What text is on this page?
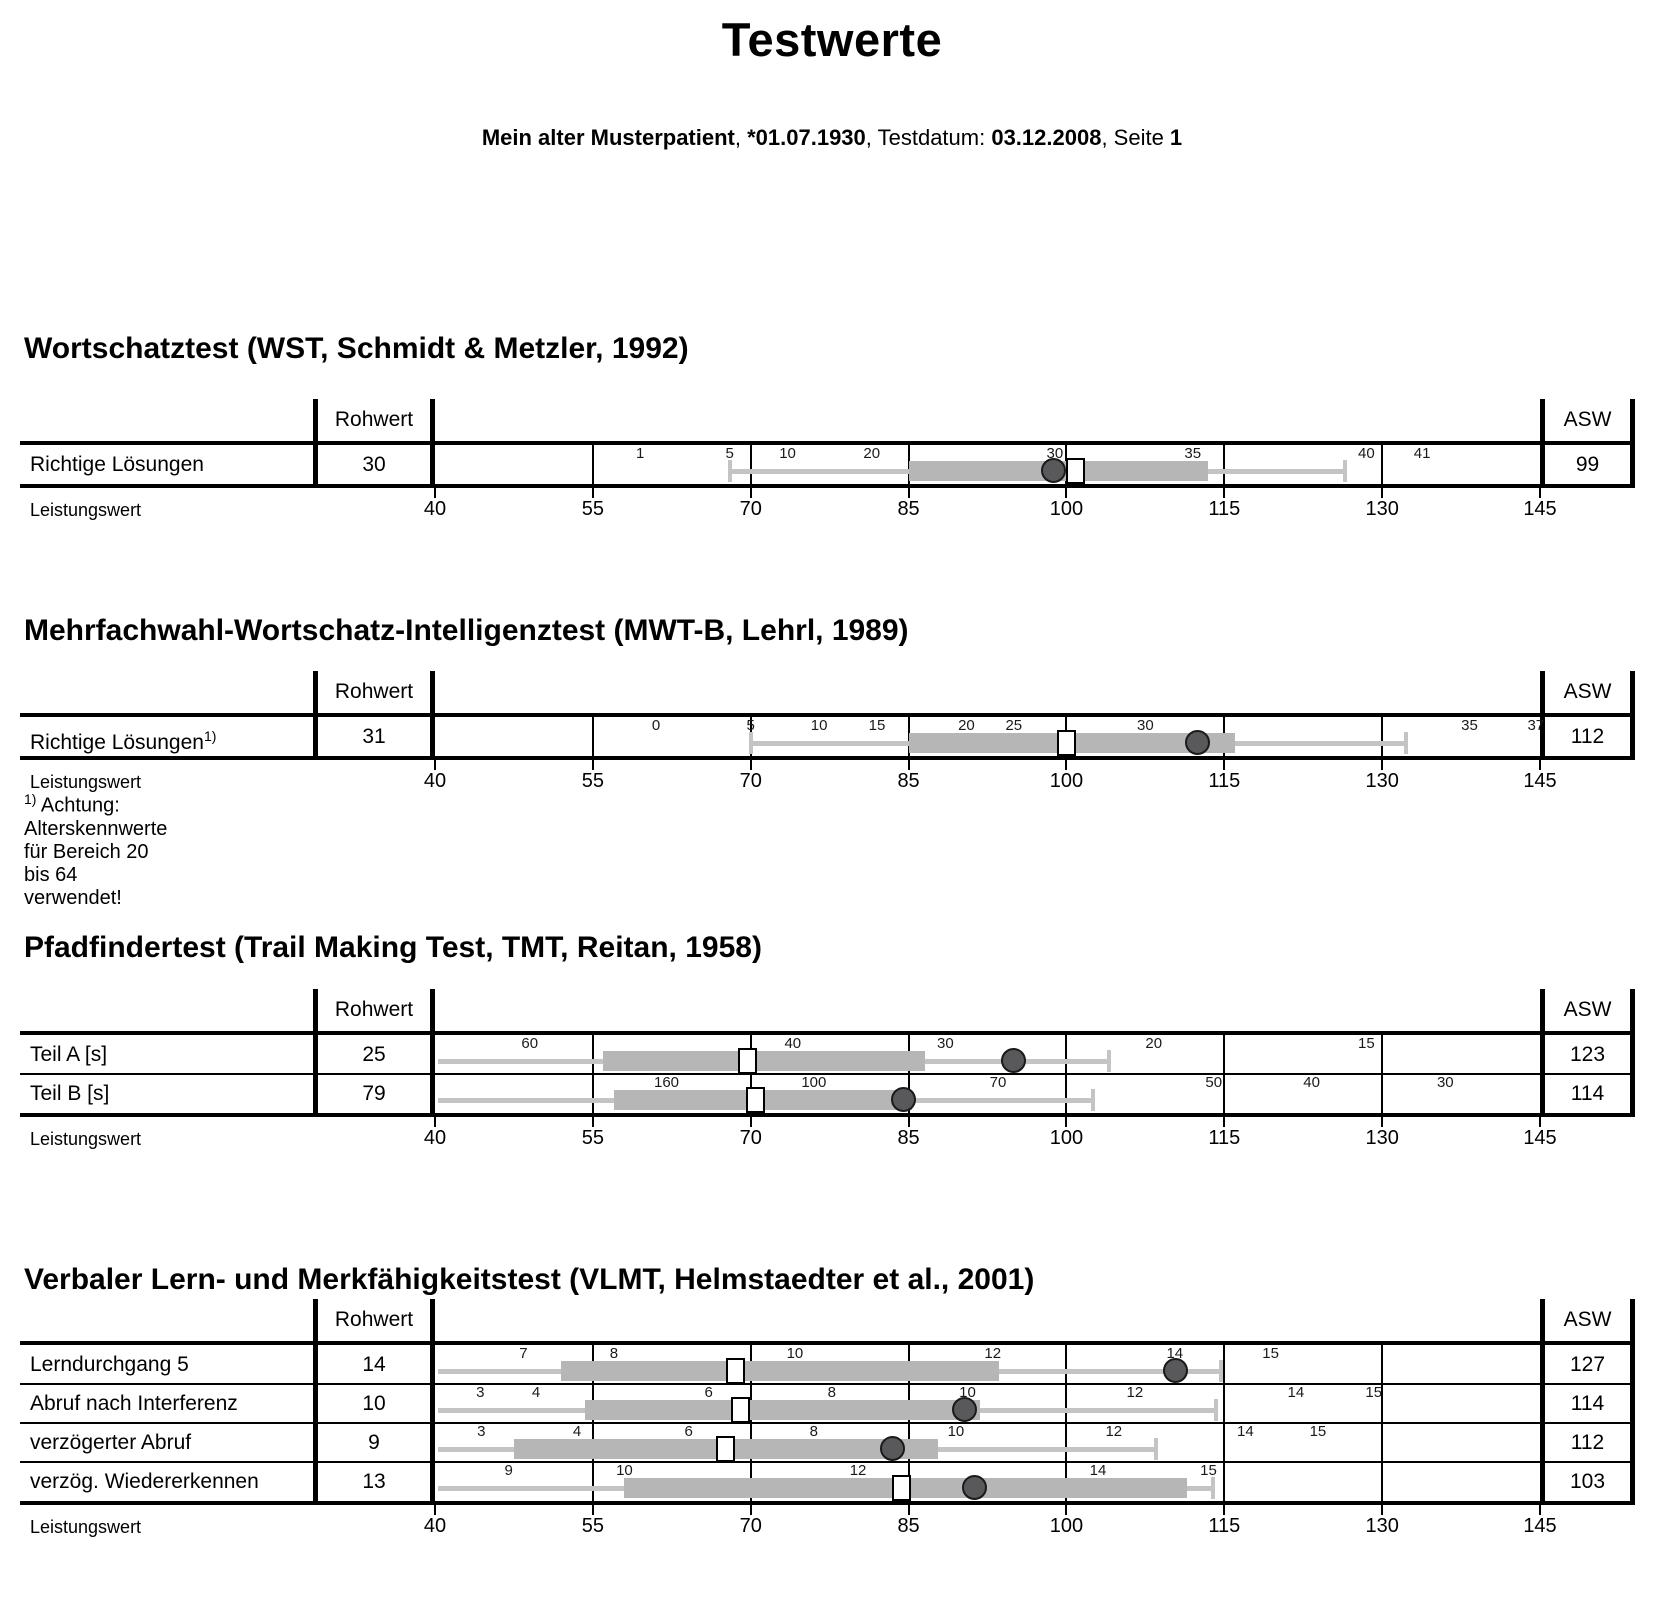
Testwerte
Mein alter Musterpatient, *01.07.1930, Testdatum: 03.12.2008, Seite 1
Wortschatztest (WST, Schmidt & Metzler, 1992)
Rohwert	ASW
Richtige Lösungen	30	99
1	5	10	20	30	35	40	41
40	55	70	85	100	115	130	145
Leistungswert
Mehrfachwahl-Wortschatz-Intelligenztest (MWT-B, Lehrl, 1989)
Rohwert	ASW
Richtige Lösungen$^{1)}$	31	112
0	5	10	15	20 25	30	35	37
40	55	70	85	100	115	130	145
Leistungswert
$^{1)}$ Achtung: Alterskennwerte für Bereich 20 bis 64 verwendet!
Pfadfindertest (Trail Making Test, TMT, Reitan, 1958)
Rohwert	ASW
Teil A [s]	25	123
60	40	30	20	15
Teil B [s]	79	114
160	100	70	50	40	30
40	55	70	85	100	115	130	145
Leistungswert
Verbaler Lern- und Merkfähigkeitstest (VLMT, Helmstaedter et al., 2001)
Rohwert	ASW
Lerndurchgang 5	14	127
7	8	10	12	14	15
Abruf nach Interferenz	10	114
3	4	6	8	10	12	14	15
verzögerter Abruf	9	112
3	4	6	8	10	12	14	15
verzög. Wiedererkennen	13	103
9	10	12	14	15
40	55	70	85	100	115	130	145
Leistungswert
